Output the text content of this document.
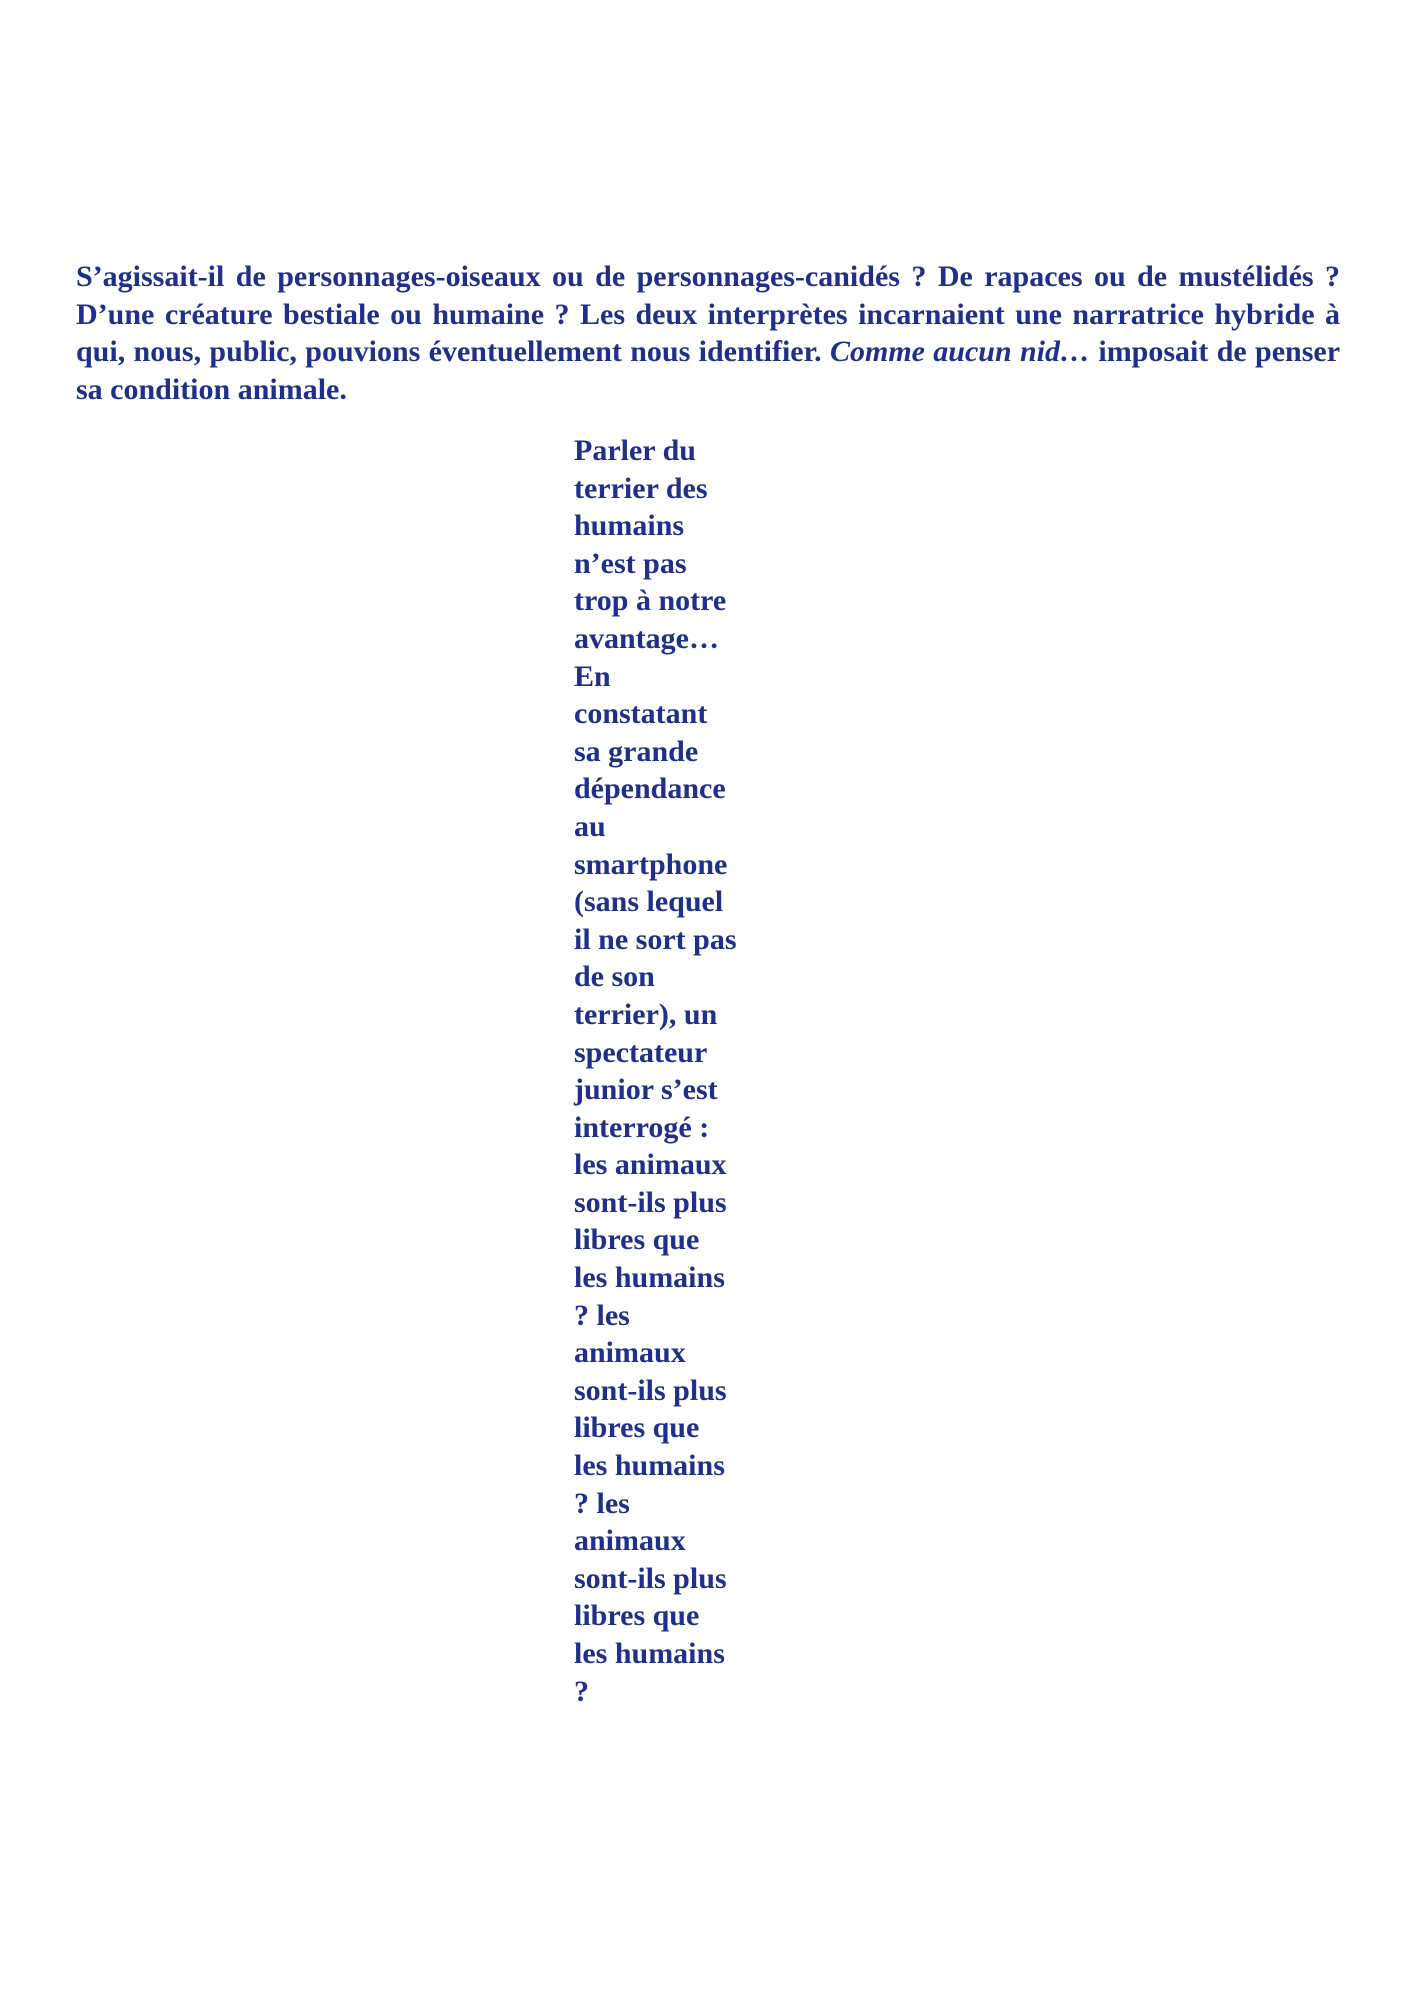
S’agissait-il de personnages-oiseaux ou de personnages-canidés ? De rapaces ou de mustélidés ? D’une créature bestiale ou humaine ? Les deux interprètes incarnaient une narratrice hybride à qui, nous, public, pouvions éventuellement nous identifier. Comme aucun nid… imposait de penser sa condition animale.

Parler du
terrier des
humains
n’est pas
trop à notre
avantage…
En
constatant
sa grande
dépendance
au
smartphone
(sans lequel
il ne sort pas
de son
terrier), un
spectateur
junior s’est
interrogé :
les animaux
sont-ils plus
libres que
les humains
? les
animaux
sont-ils plus
libres que
les humains
? les
animaux
sont-ils plus
libres que
les humains
?
